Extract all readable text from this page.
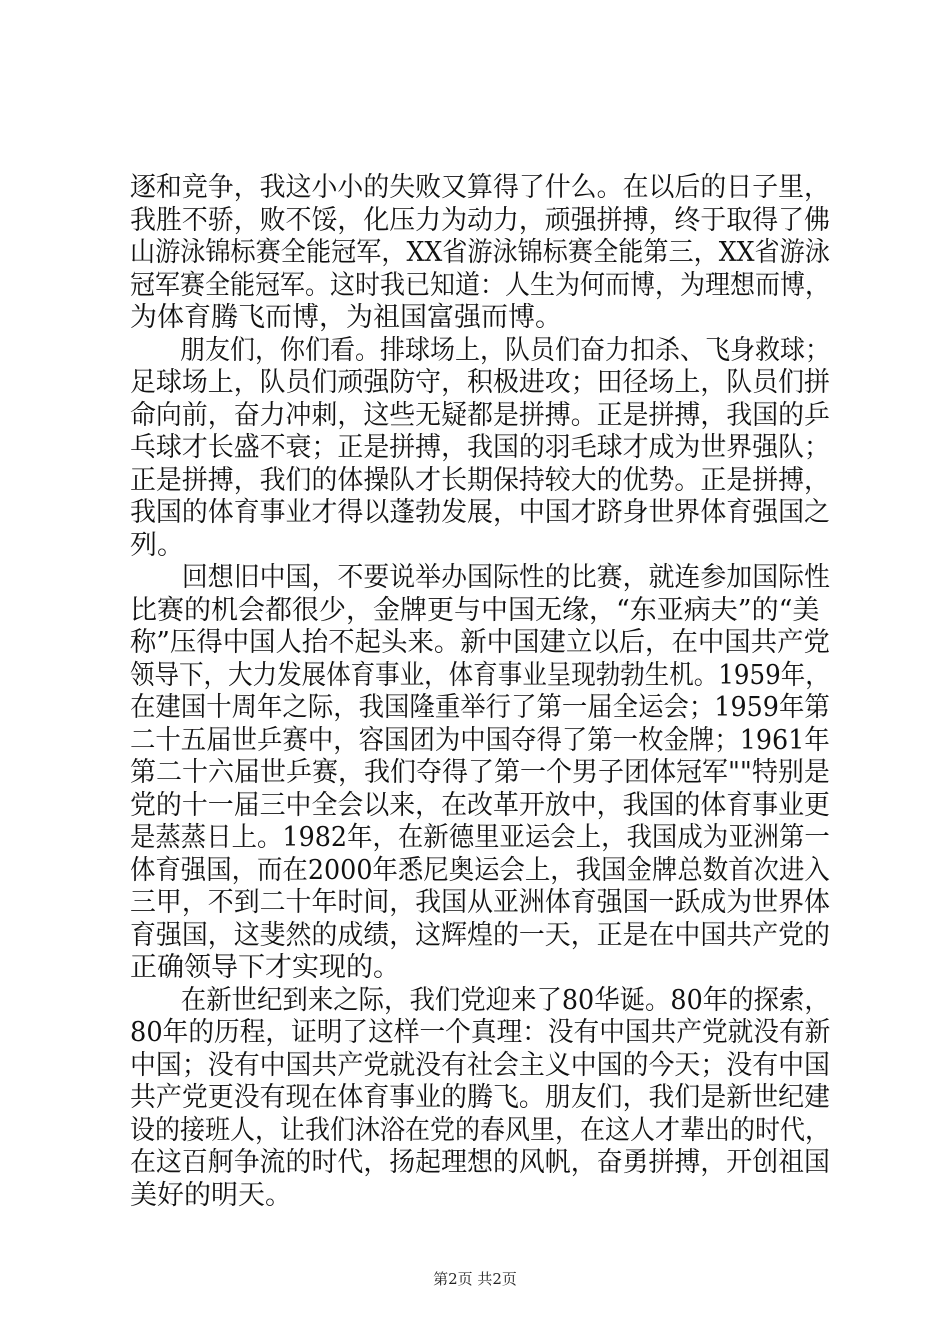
逐和竞争，我这小小的失败又算得了什么。在以后的日子里，
我胜不骄，败不馁，化压力为动力，顽强拼搏，终于取得了佛
山游泳锦标赛全能冠军，XX省游泳锦标赛全能第三，XX省游泳
冠军赛全能冠军。这时我已知道：人生为何而博，为理想而博，
为体育腾飞而博，为祖国富强而博。
　　朋友们，你们看。排球场上，队员们奋力扣杀、飞身救球；
足球场上，队员们顽强防守，积极进攻；田径场上，队员们拼
命向前，奋力冲刺，这些无疑都是拼搏。正是拼搏，我国的乒
乓球才长盛不衰；正是拼搏，我国的羽毛球才成为世界强队；
正是拼搏，我们的体操队才长期保持较大的优势。正是拼搏，
我国的体育事业才得以蓬勃发展，中国才跻身世界体育强国之
列。
　　回想旧中国，不要说举办国际性的比赛，就连参加国际性
比赛的机会都很少，金牌更与中国无缘，“东亚病夫”的“美
称”压得中国人抬不起头来。新中国建立以后，在中国共产党
领导下，大力发展体育事业，体育事业呈现勃勃生机。1959年，
在建国十周年之际，我国隆重举行了第一届全运会；1959年第
二十五届世乒赛中，容国团为中国夺得了第一枚金牌；1961年
第二十六届世乒赛，我们夺得了第一个男子团体冠军""特别是
党的十一届三中全会以来，在改革开放中，我国的体育事业更
是蒸蒸日上。1982年，在新德里亚运会上，我国成为亚洲第一
体育强国，而在2000年悉尼奥运会上，我国金牌总数首次进入
三甲，不到二十年时间，我国从亚洲体育强国一跃成为世界体
育强国，这斐然的成绩，这辉煌的一天，正是在中国共产党的
正确领导下才实现的。
　　在新世纪到来之际，我们党迎来了80华诞。80年的探索，
80年的历程，证明了这样一个真理：没有中国共产党就没有新
中国；没有中国共产党就没有社会主义中国的今天；没有中国
共产党更没有现在体育事业的腾飞。朋友们，我们是新世纪建
设的接班人，让我们沐浴在党的春风里，在这人才辈出的时代，
在这百舸争流的时代，扬起理想的风帆，奋勇拼搏，开创祖国
美好的明天。
第2页 共2页
